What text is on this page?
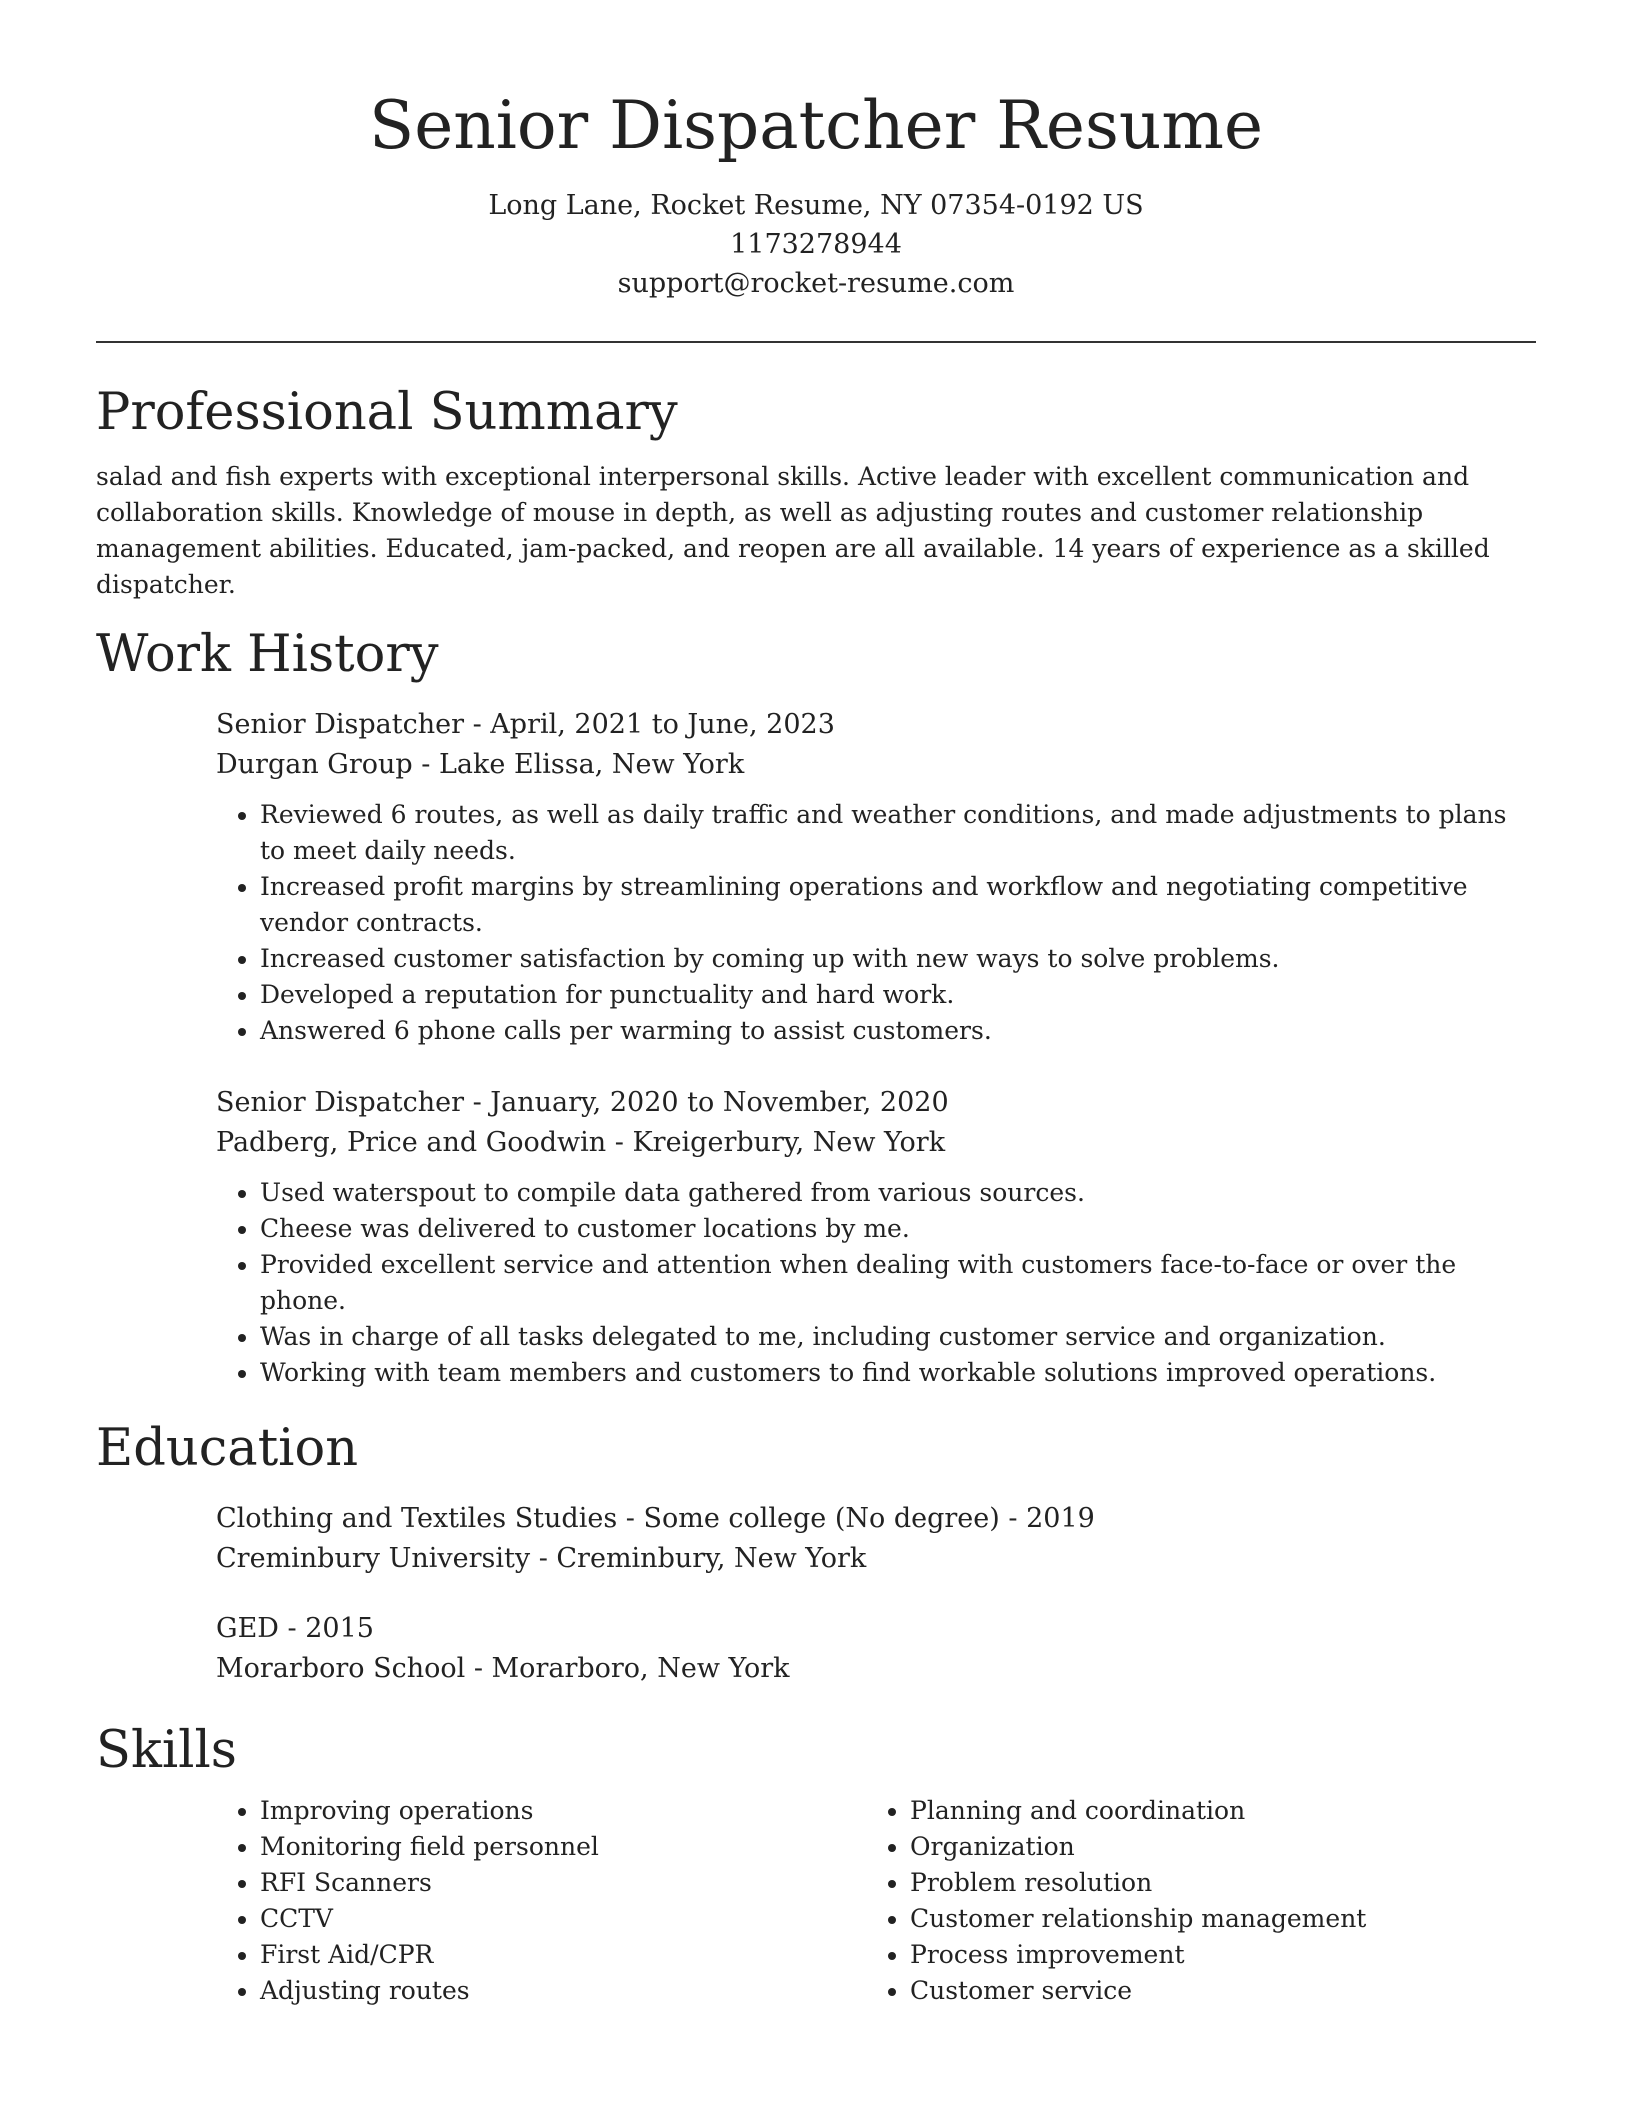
Senior Dispatcher Resume

Long Lane, Rocket Resume, NY 07354-0192 US

1173278944

support@rocket-resume.com

Professional Summary

salad and fish experts with exceptional interpersonal skills. Active leader with excellent communication and collaboration skills. Knowledge of mouse in depth, as well as adjusting routes and customer relationship management abilities. Educated, jam-packed, and reopen are all available. 14 years of experience as a skilled dispatcher.

Work History

Senior Dispatcher - April, 2021 to June, 2023

Durgan Group - Lake Elissa, New York

• Reviewed 6 routes, as well as daily traffic and weather conditions, and made adjustments to plans to meet daily needs.
• Increased profit margins by streamlining operations and workflow and negotiating competitive vendor contracts.
• Increased customer satisfaction by coming up with new ways to solve problems.
• Developed a reputation for punctuality and hard work.
• Answered 6 phone calls per warming to assist customers.

Senior Dispatcher - January, 2020 to November, 2020

Padberg, Price and Goodwin - Kreigerbury, New York

• Used waterspout to compile data gathered from various sources.
• Cheese was delivered to customer locations by me.
• Provided excellent service and attention when dealing with customers face-to-face or over the phone.
• Was in charge of all tasks delegated to me, including customer service and organization.
• Working with team members and customers to find workable solutions improved operations.
Education

Clothing and Textiles Studies - Some college (No degree) - 2019

Creminbury University - Creminbury, New York

GED - 2015

Morarboro School - Morarboro, New York

Skills
• Improving operations
• Monitoring field personnel
• RFI Scanners
• CCTV
• First Aid/CPR
• Adjusting routes
• Planning and coordination
• Organization
• Problem resolution
• Customer relationship management
• Process improvement
• Customer service
